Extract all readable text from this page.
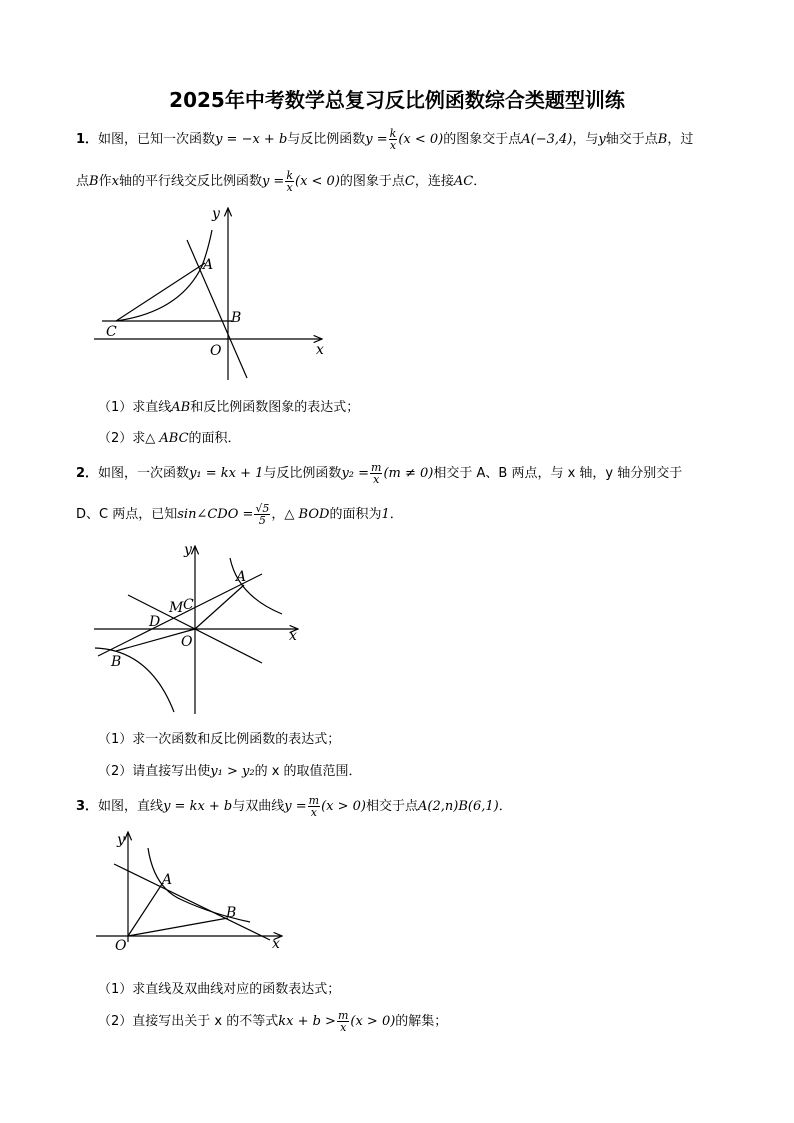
2025年中考数学总复习反比例函数综合类题型训练
1．如图，已知一次函数y = −x + b与反比例函数$y = \frac{k}{x} (x < 0)$的图象交于点A(−3,4)，与y轴交于点B，过
点B作x轴的平行线交反比例函数$y = \frac{k}{x} (x < 0)$的图象于点C，连接AC．
y
x
A
B
C
O
（1）求直线AB和反比例函数图象的表达式；
（2）求△ ABC的面积．
2．如图，一次函数y₁ = kx + 1与反比例函数$y_2 = \frac{m}{x} (m \ne 0)$相交于 A、B 两点，与 x 轴，y 轴分别交于
D、C 两点，已知sin∠CDO = $\frac{√5}{5}$ ，△ BOD的面积为1．
y
x
A
B
C
D
M
O
（1）求一次函数和反比例函数的表达式；
（2）请直接写出使y₁ > y₂的 x 的取值范围．
3．如图，直线y = kx + b与双曲线$y = \frac{m}{x} (x > 0)$相交于点A(2,n)B(6,1)．
y
x
A
B
O
（1）求直线及双曲线对应的函数表达式；
（2）直接写出关于 x 的不等式kx + $b > \frac{m}{x} (x > 0)$的解集；
